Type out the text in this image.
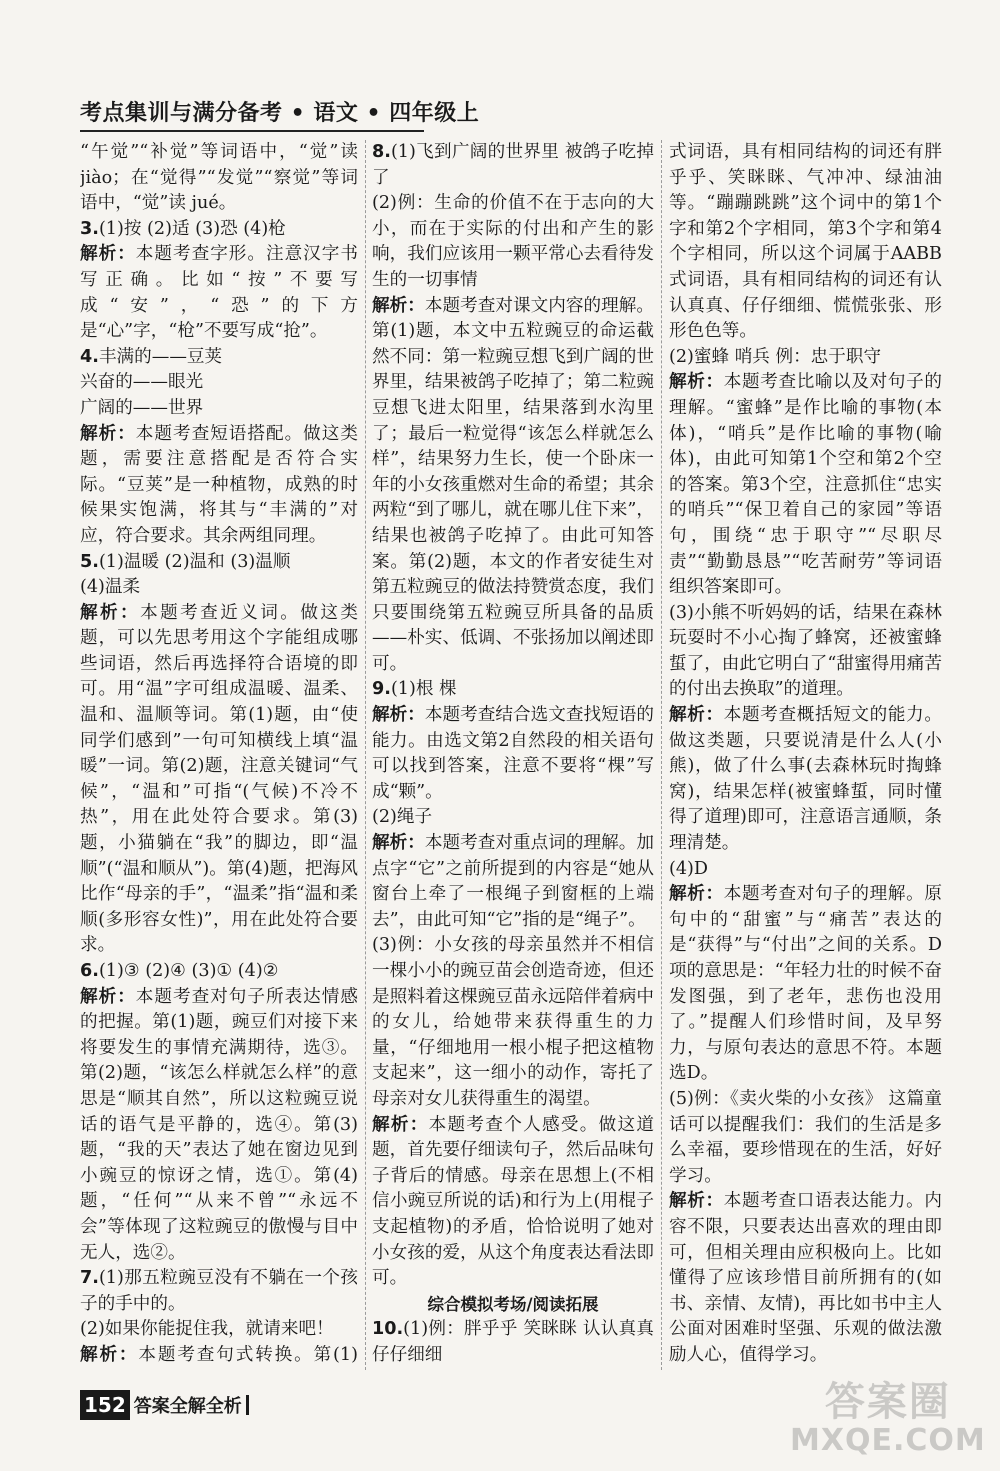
考点集训与满分备考 • 语文 • 四年级上

“午觉”“补觉”等词语中，“觉”读jiào；在“觉得”“发觉”“察觉”等词语中，“觉”读 jué。

3.(1)按 (2)适 (3)恐 (4)枪

解析：本题考查字形。注意汉字书写正确。比如“按”不要写成“安”，“恐”的下方是“心”字，“枪”不要写成“抢”。

4.丰满的——豆荚

兴奋的——眼光

广阔的——世界

解析：本题考查短语搭配。做这类题，需要注意搭配是否符合实际。“豆荚”是一种植物，成熟的时候果实饱满，将其与“丰满的”对应，符合要求。其余两组同理。

5.(1)温暖 (2)温和 (3)温顺

(4)温柔

解析：本题考查近义词。做这类题，可以先思考用这个字能组成哪些词语，然后再选择符合语境的即可。用“温”字可组成温暖、温柔、温和、温顺等词。第(1)题，由“使同学们感到”一句可知横线上填“温暖”一词。第(2)题，注意关键词“气候”，“温和”可指“(气候)不冷不热”，用在此处符合要求。第(3)题，小猫躺在“我”的脚边，即“温顺”(“温和顺从”)。第(4)题，把海风比作“母亲的手”，“温柔”指“温和柔顺(多形容女性)”，用在此处符合要求。

6.(1)③ (2)④ (3)① (4)②

解析：本题考查对句子所表达情感的把握。第(1)题，豌豆们对接下来将要发生的事情充满期待，选③。第(2)题，“该怎么样就怎么样”的意思是“顺其自然”，所以这粒豌豆说话的语气是平静的，选④。第(3)题，“我的天”表达了她在窗边见到小豌豆的惊讶之情，选①。第(4)题，“任何”“从来不曾”“永远不会”等体现了这粒豌豆的傲慢与目中无人，选②。

7.(1)那五粒豌豆没有不躺在一个孩子的手中的。

(2)如果你能捉住我，就请来吧！

解析：本题考查句式转换。第(1)

8.(1)飞到广阔的世界里 被鸽子吃掉了

(2)例：生命的价值不在于志向的大小，而在于实际的付出和产生的影响，我们应该用一颗平常心去看待发生的一切事情

解析：本题考查对课文内容的理解。第(1)题，本文中五粒豌豆的命运截然不同：第一粒豌豆想飞到广阔的世界里，结果被鸽子吃掉了；第二粒豌豆想飞进太阳里，结果落到水沟里了；最后一粒觉得“该怎么样就怎么样”，结果努力生长，使一个卧床一年的小女孩重燃对生命的希望；其余两粒“到了哪儿，就在哪儿住下来”，结果也被鸽子吃掉了。由此可知答案。第(2)题，本文的作者安徒生对第五粒豌豆的做法持赞赏态度，我们只要围绕第五粒豌豆所具备的品质——朴实、低调、不张扬加以阐述即可。

9.(1)根 棵

解析：本题考查结合选文查找短语的能力。由选文第2自然段的相关语句可以找到答案，注意不要将“棵”写成“颗”。

(2)绳子

解析：本题考查对重点词的理解。加点字“它”之前所提到的内容是“她从窗台上牵了一根绳子到窗框的上端去”，由此可知“它”指的是“绳子”。

(3)例：小女孩的母亲虽然并不相信一棵小小的豌豆苗会创造奇迹，但还是照料着这棵豌豆苗永远陪伴着病中的女儿，给她带来获得重生的力量，“仔细地用一根小棍子把这植物支起来”，这一细小的动作，寄托了母亲对女儿获得重生的渴望。

解析：本题考查个人感受。做这道题，首先要仔细读句子，然后品味句子背后的情感。母亲在思想上(不相信小豌豆所说的话)和行为上(用棍子支起植物)的矛盾，恰恰说明了她对小女孩的爱，从这个角度表达看法即可。

综合模拟考场/阅读拓展

10.(1)例：胖乎乎 笑眯眯 认认真真 仔仔细细

式词语，具有相同结构的词还有胖乎乎、笑眯眯、气冲冲、绿油油等。“蹦蹦跳跳”这个词中的第1个字和第2个字相同，第3个字和第4个字相同，所以这个词属于AABB式词语，具有相同结构的词还有认认真真、仔仔细细、慌慌张张、形形色色等。

(2)蜜蜂 哨兵 例：忠于职守

解析：本题考查比喻以及对句子的理解。“蜜蜂”是作比喻的事物(本体)，“哨兵”是作比喻的事物(喻体)，由此可知第1个空和第2个空的答案。第3个空，注意抓住“忠实的哨兵”“保卫着自己的家园”等语句，围绕“忠于职守”“尽职尽责”“勤勤恳恳”“吃苦耐劳”等词语组织答案即可。

(3)小熊不听妈妈的话，结果在森林玩耍时不小心掏了蜂窝，还被蜜蜂蜇了，由此它明白了“甜蜜得用痛苦的付出去换取”的道理。

解析：本题考查概括短文的能力。做这类题，只要说清是什么人(小熊)，做了什么事(去森林玩时掏蜂窝)，结果怎样(被蜜蜂蜇，同时懂得了道理)即可，注意语言通顺，条理清楚。

(4)D

解析：本题考查对句子的理解。原句中的“甜蜜”与“痛苦”表达的是“获得”与“付出”之间的关系。D项的意思是：“年轻力壮的时候不奋发图强，到了老年，悲伤也没用了。”提醒人们珍惜时间，及早努力，与原句表达的意思不符。本题选D。

(5)例：《卖火柴的小女孩》 这篇童话可以提醒我们：我们的生活是多么幸福，要珍惜现在的生活，好好学习。

解析：本题考查口语表达能力。内容不限，只要表达出喜欢的理由即可，但相关理由应积极向上。比如懂得了应该珍惜目前所拥有的(如书、亲情、友情)，再比如书中主人公面对困难时坚强、乐观的做法激励人心，值得学习。

152 答案全解全析	答案圈
MXQE.COM
